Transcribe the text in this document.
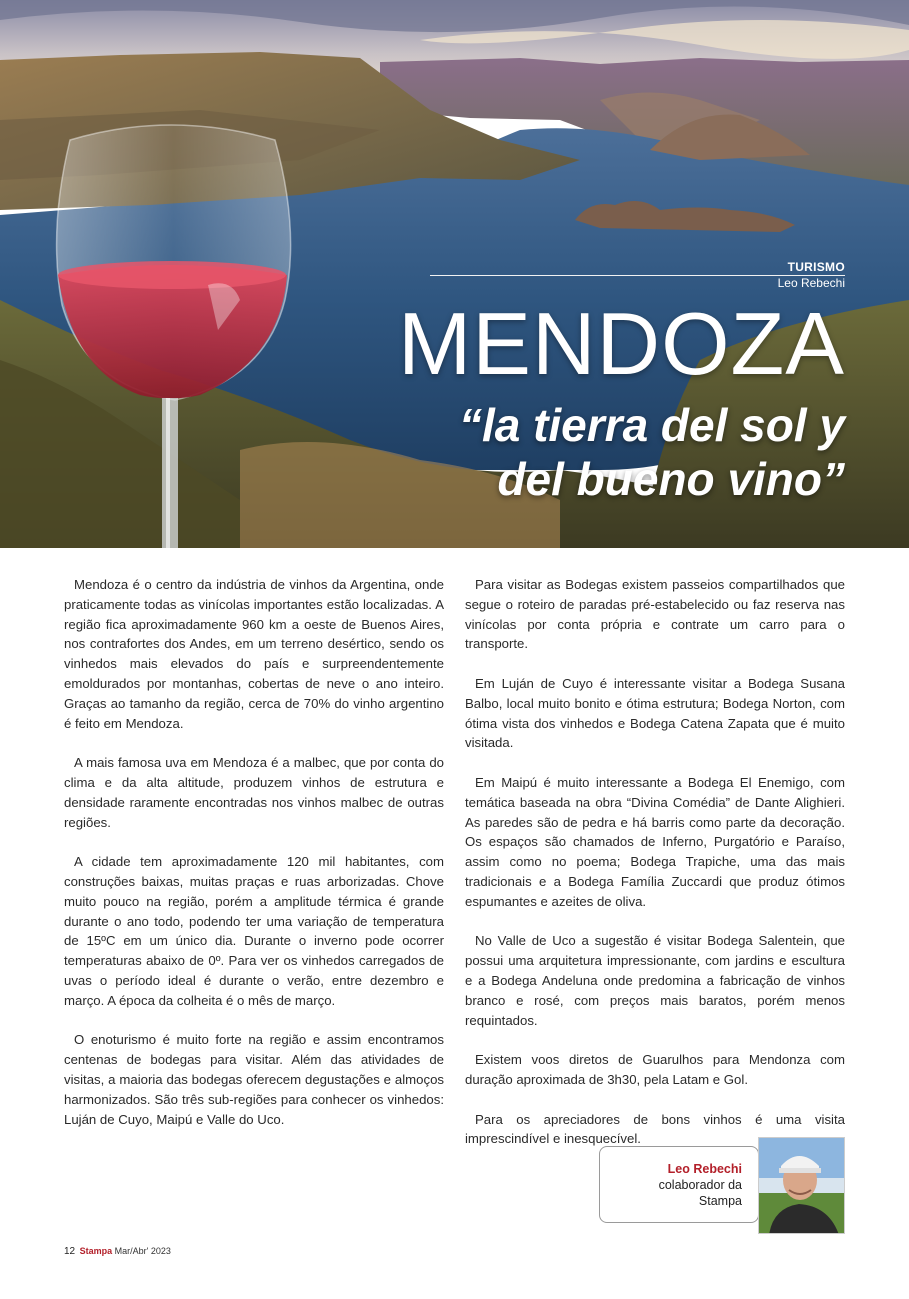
TURISMO
Leo Rebechi
MENDOZA
“la tierra del sol y del bueno vino”

Mendoza é o centro da indústria de vinhos da Argentina, onde praticamente todas as vinícolas importantes estão localizadas. A região fica aproximadamente 960 km a oeste de Buenos Aires, nos contrafortes dos Andes, em um terreno desértico, sendo os vinhedos mais elevados do país e surpreendentemente emoldurados por montanhas, cobertas de neve o ano inteiro. Graças ao tamanho da região, cerca de 70% do vinho argentino é feito em Mendoza.

A mais famosa uva em Mendoza é a malbec, que por conta do clima e da alta altitude, produzem vinhos de estrutura e densidade raramente encontradas nos vinhos malbec de outras regiões.

A cidade tem aproximadamente 120 mil habitantes, com construções baixas, muitas praças e ruas arborizadas. Chove muito pouco na região, porém a amplitude térmica é grande durante o ano todo, podendo ter uma variação de temperatura de 15ºC em um único dia. Durante o inverno pode ocorrer temperaturas abaixo de 0º. Para ver os vinhedos carregados de uvas o período ideal é durante o verão, entre dezembro e março. A época da colheita é o mês de março.

O enoturismo é muito forte na região e assim encontramos centenas de bodegas para visitar. Além das atividades de visitas, a maioria das bodegas oferecem degustações e almoços harmonizados. São três sub-regiões para conhecer os vinhedos: Luján de Cuyo, Maipú e Valle do Uco.

Para visitar as Bodegas existem passeios compartilhados que segue o roteiro de paradas pré-estabelecido ou faz reserva nas vinícolas por conta própria e contrate um carro para o transporte.

Em Luján de Cuyo é interessante visitar a Bodega Susana Balbo, local muito bonito e ótima estrutura; Bodega Norton, com ótima vista dos vinhedos e Bodega Catena Zapata que é muito visitada.

Em Maipú é muito interessante a Bodega El Enemigo, com temática baseada na obra “Divina Comédia” de Dante Alighieri. As paredes são de pedra e há barris como parte da decoração. Os espaços são chamados de Inferno, Purgatório e Paraíso, assim como no poema; Bodega Trapiche, uma das mais tradicionais e a Bodega Família Zuccardi que produz ótimos espumantes e azeites de oliva.

No Valle de Uco a sugestão é visitar Bodega Salentein, que possui uma arquitetura impressionante, com jardins e escultura e a Bodega Andeluna onde predomina a fabricação de vinhos branco e rosé, com preços mais baratos, porém menos requintados.

Existem voos diretos de Guarulhos para Mendonza com duração aproximada de 3h30, pela Latam e Gol.

Para os apreciadores de bons vinhos é uma visita imprescindível e inesquecível.

Leo Rebechi
colaborador da Stampa
12 Stampa Mar/Abr' 2023
